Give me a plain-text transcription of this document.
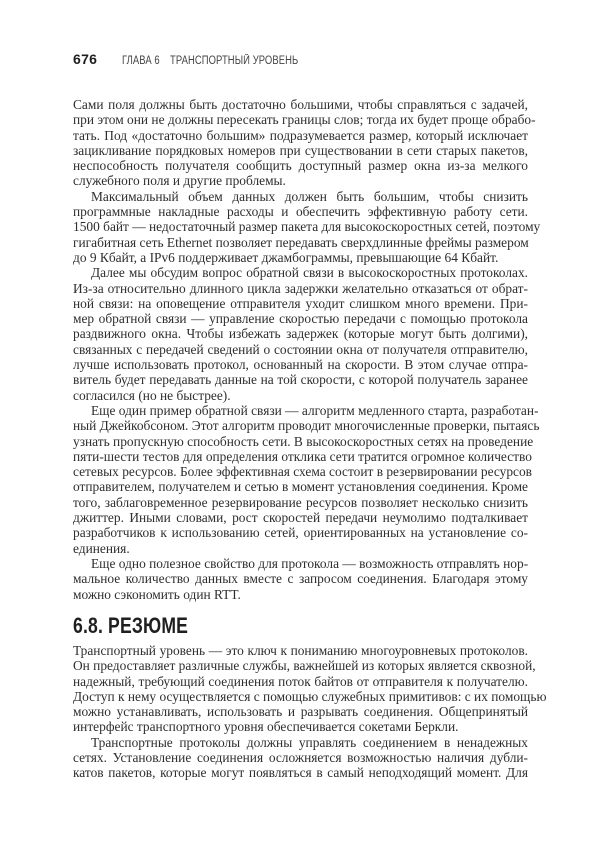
676	ГЛАВА 6 ТРАНСПОРТНЫЙ УРОВЕНЬ
Сами поля должны быть достаточно большими, чтобы справляться с задачей,
при этом они не должны пересекать границы слов; тогда их будет проще обрабо-
тать. Под «достаточно большим» подразумевается размер, который исключает
зацикливание порядковых номеров при существовании в сети старых пакетов,
неспособность получателя сообщить доступный размер окна из-за мелкого
служебного поля и другие проблемы.
Максимальный объем данных должен быть большим, чтобы снизить
программные накладные расходы и обеспечить эффективную работу сети.
1500 байт — недостаточный размер пакета для высокоскоростных сетей, поэтому
гигабитная сеть Ethernet позволяет передавать сверхдлинные фреймы размером
до 9 Кбайт, а IPv6 поддерживает джамбограммы, превышающие 64 Кбайт.
Далее мы обсудим вопрос обратной связи в высокоскоростных протоколах.
Из-за относительно длинного цикла задержки желательно отказаться от обрат-
ной связи: на оповещение отправителя уходит слишком много времени. При-
мер обратной связи — управление скоростью передачи с помощью протокола
раздвижного окна. Чтобы избежать задержек (которые могут быть долгими),
связанных с передачей сведений о состоянии окна от получателя отправителю,
лучше использовать протокол, основанный на скорости. В этом случае отпра-
витель будет передавать данные на той скорости, с которой получатель заранее
согласился (но не быстрее).
Еще один пример обратной связи — алгоритм медленного старта, разработан-
ный Джейкобсоном. Этот алгоритм проводит многочисленные проверки, пытаясь
узнать пропускную способность сети. В высокоскоростных сетях на проведение
пяти-шести тестов для определения отклика сети тратится огромное количество
сетевых ресурсов. Более эффективная схема состоит в резервировании ресурсов
отправителем, получателем и сетью в момент установления соединения. Кроме
того, заблаговременное резервирование ресурсов позволяет несколько снизить
джиттер. Иными словами, рост скоростей передачи неумолимо подталкивает
разработчиков к использованию сетей, ориентированных на установление со-
единения.
Еще одно полезное свойство для протокола — возможность отправлять нор-
мальное количество данных вместе с запросом соединения. Благодаря этому
можно сэкономить один RTT.
6.8. РЕЗЮМЕ
Транспортный уровень — это ключ к пониманию многоуровневых протоколов.
Он предоставляет различные службы, важнейшей из которых является сквозной,
надежный, требующий соединения поток байтов от отправителя к получателю.
Доступ к нему осуществляется с помощью служебных примитивов: с их помощью
можно устанавливать, использовать и разрывать соединения. Общепринятый
интерфейс транспортного уровня обеспечивается сокетами Беркли.
Транспортные протоколы должны управлять соединением в ненадежных
сетях. Установление соединения осложняется возможностью наличия дубли-
катов пакетов, которые могут появляться в самый неподходящий момент. Для
